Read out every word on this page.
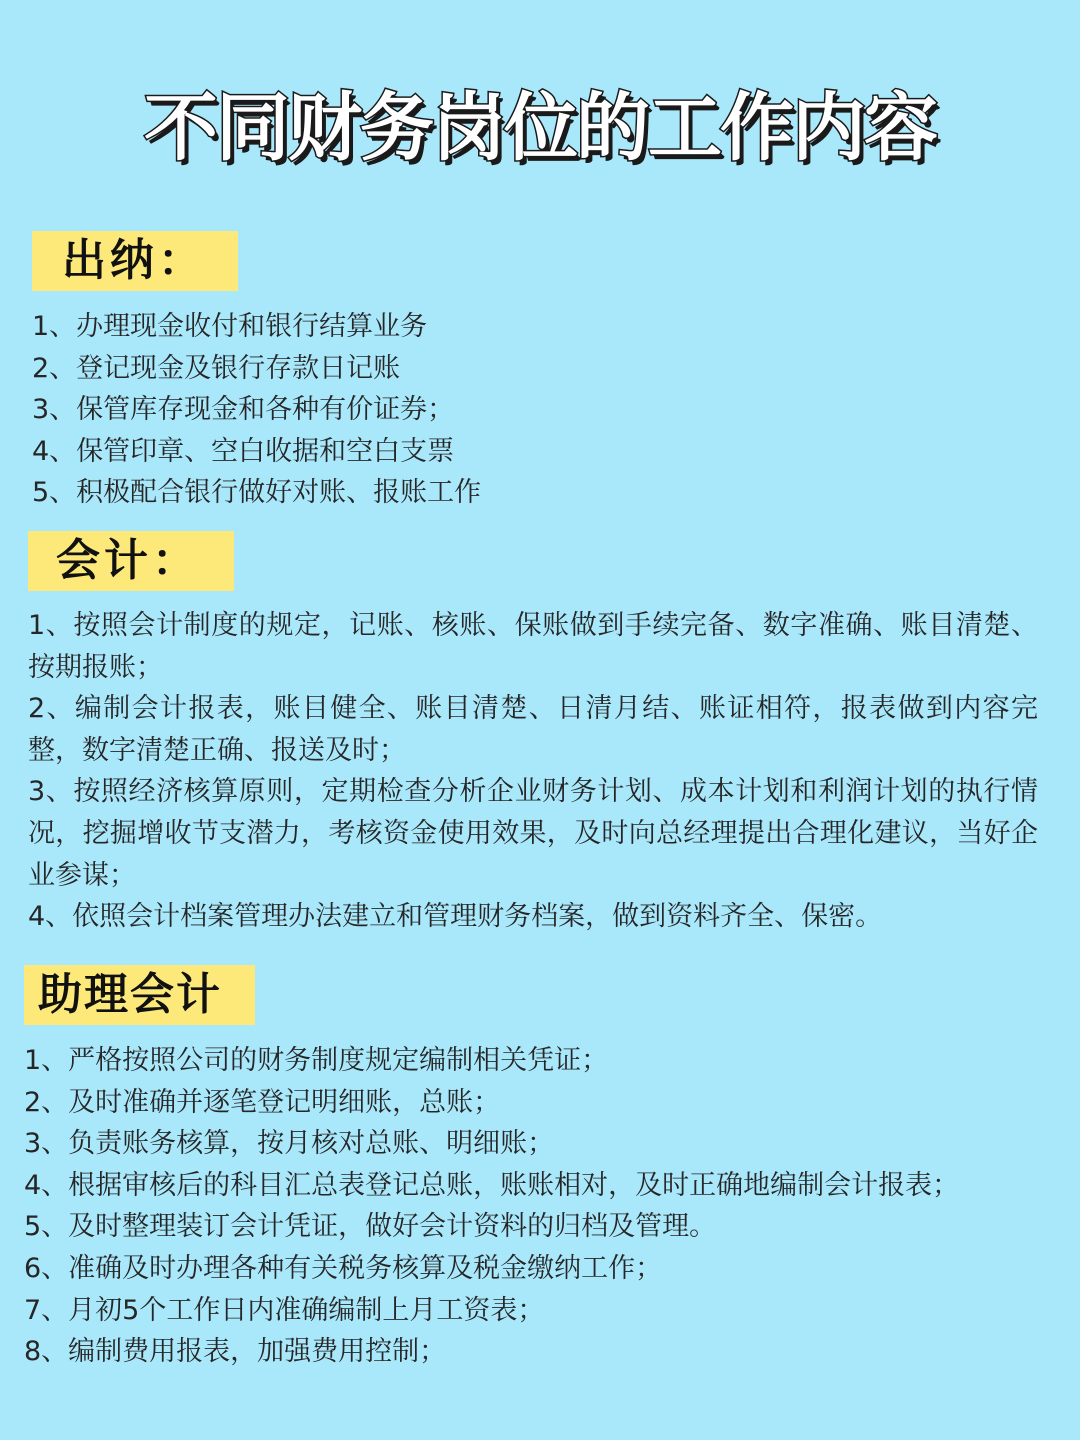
不同财务岗位的工作内容
出纳：
1、办理现金收付和银行结算业务
2、登记现金及银行存款日记账
3、保管库存现金和各种有价证券；
4、保管印章、空白收据和空白支票
5、积极配合银行做好对账、报账工作
会计：
1、按照会计制度的规定，记账、核账、保账做到手续完备、数字准确、账目清楚、按期报账；
2、编制会计报表，账目健全、账目清楚、日清月结、账证相符，报表做到内容完整，数字清楚正确、报送及时；
3、按照经济核算原则，定期检查分析企业财务计划、成本计划和利润计划的执行情况，挖掘增收节支潜力，考核资金使用效果，及时向总经理提出合理化建议，当好企业参谋；
4、依照会计档案管理办法建立和管理财务档案，做到资料齐全、保密。
助理会计
1、严格按照公司的财务制度规定编制相关凭证；
2、及时准确并逐笔登记明细账，总账；
3、负责账务核算，按月核对总账、明细账；
4、根据审核后的科目汇总表登记总账，账账相对，及时正确地编制会计报表；
5、及时整理装订会计凭证，做好会计资料的归档及管理。
6、准确及时办理各种有关税务核算及税金缴纳工作；
7、月初5个工作日内准确编制上月工资表；
8、编制费用报表，加强费用控制；
